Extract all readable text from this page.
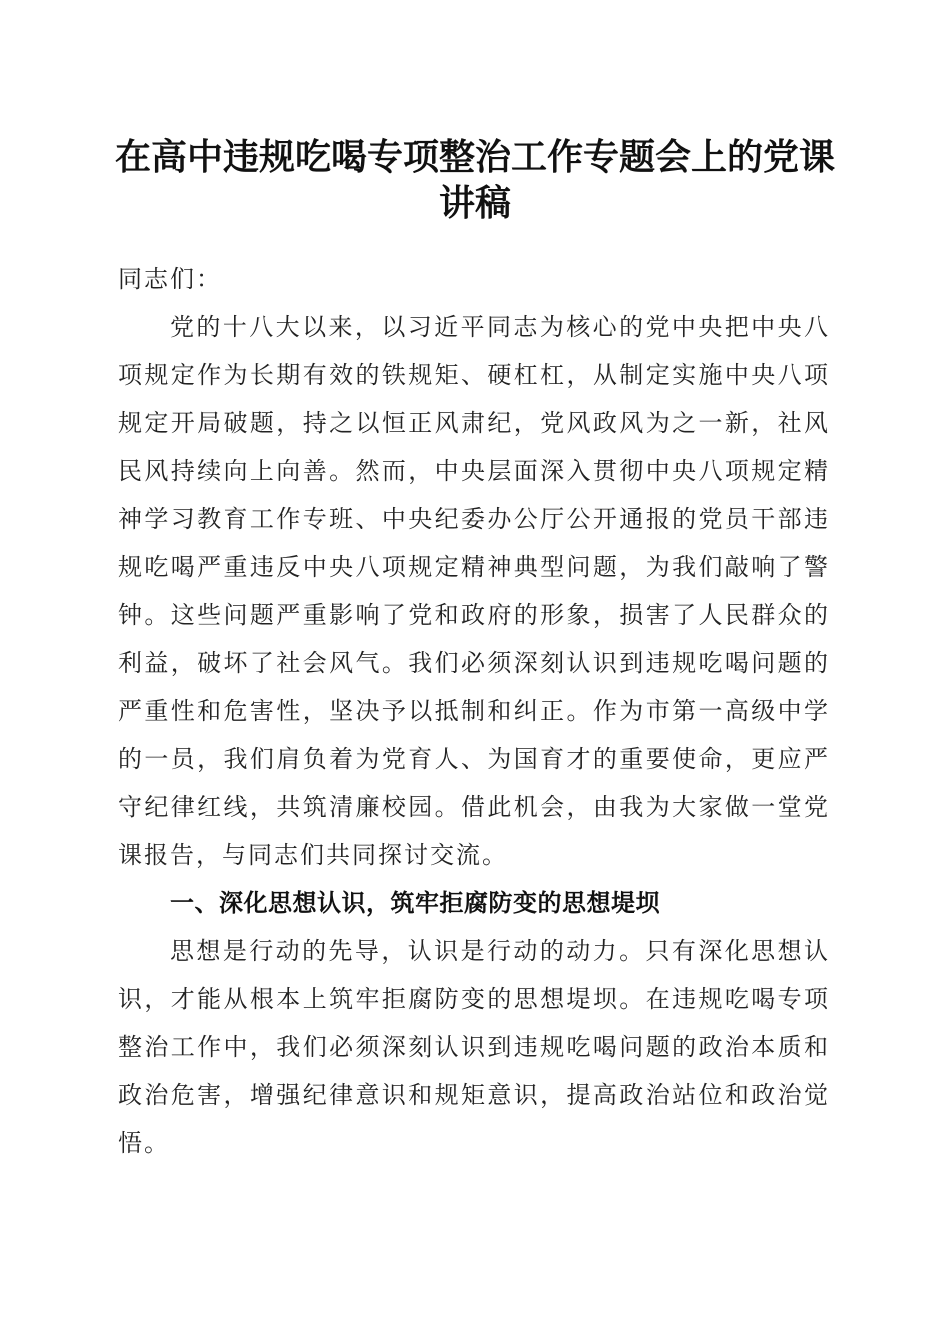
在高中违规吃喝专项整治工作专题会上的党课讲稿

同志们：

党的十八大以来，以习近平同志为核心的党中央把中央八项规定作为长期有效的铁规矩、硬杠杠，从制定实施中央八项规定开局破题，持之以恒正风肃纪，党风政风为之一新，社风民风持续向上向善。然而，中央层面深入贯彻中央八项规定精神学习教育工作专班、中央纪委办公厅公开通报的党员干部违规吃喝严重违反中央八项规定精神典型问题，为我们敲响了警钟。这些问题严重影响了党和政府的形象，损害了人民群众的利益，破坏了社会风气。我们必须深刻认识到违规吃喝问题的严重性和危害性，坚决予以抵制和纠正。作为市第一高级中学的一员，我们肩负着为党育人、为国育才的重要使命，更应严守纪律红线，共筑清廉校园。借此机会，由我为大家做一堂党课报告，与同志们共同探讨交流。

一、深化思想认识，筑牢拒腐防变的思想堤坝

思想是行动的先导，认识是行动的动力。只有深化思想认识，才能从根本上筑牢拒腐防变的思想堤坝。在违规吃喝专项整治工作中，我们必须深刻认识到违规吃喝问题的政治本质和政治危害，增强纪律意识和规矩意识，提高政治站位和政治觉悟。
